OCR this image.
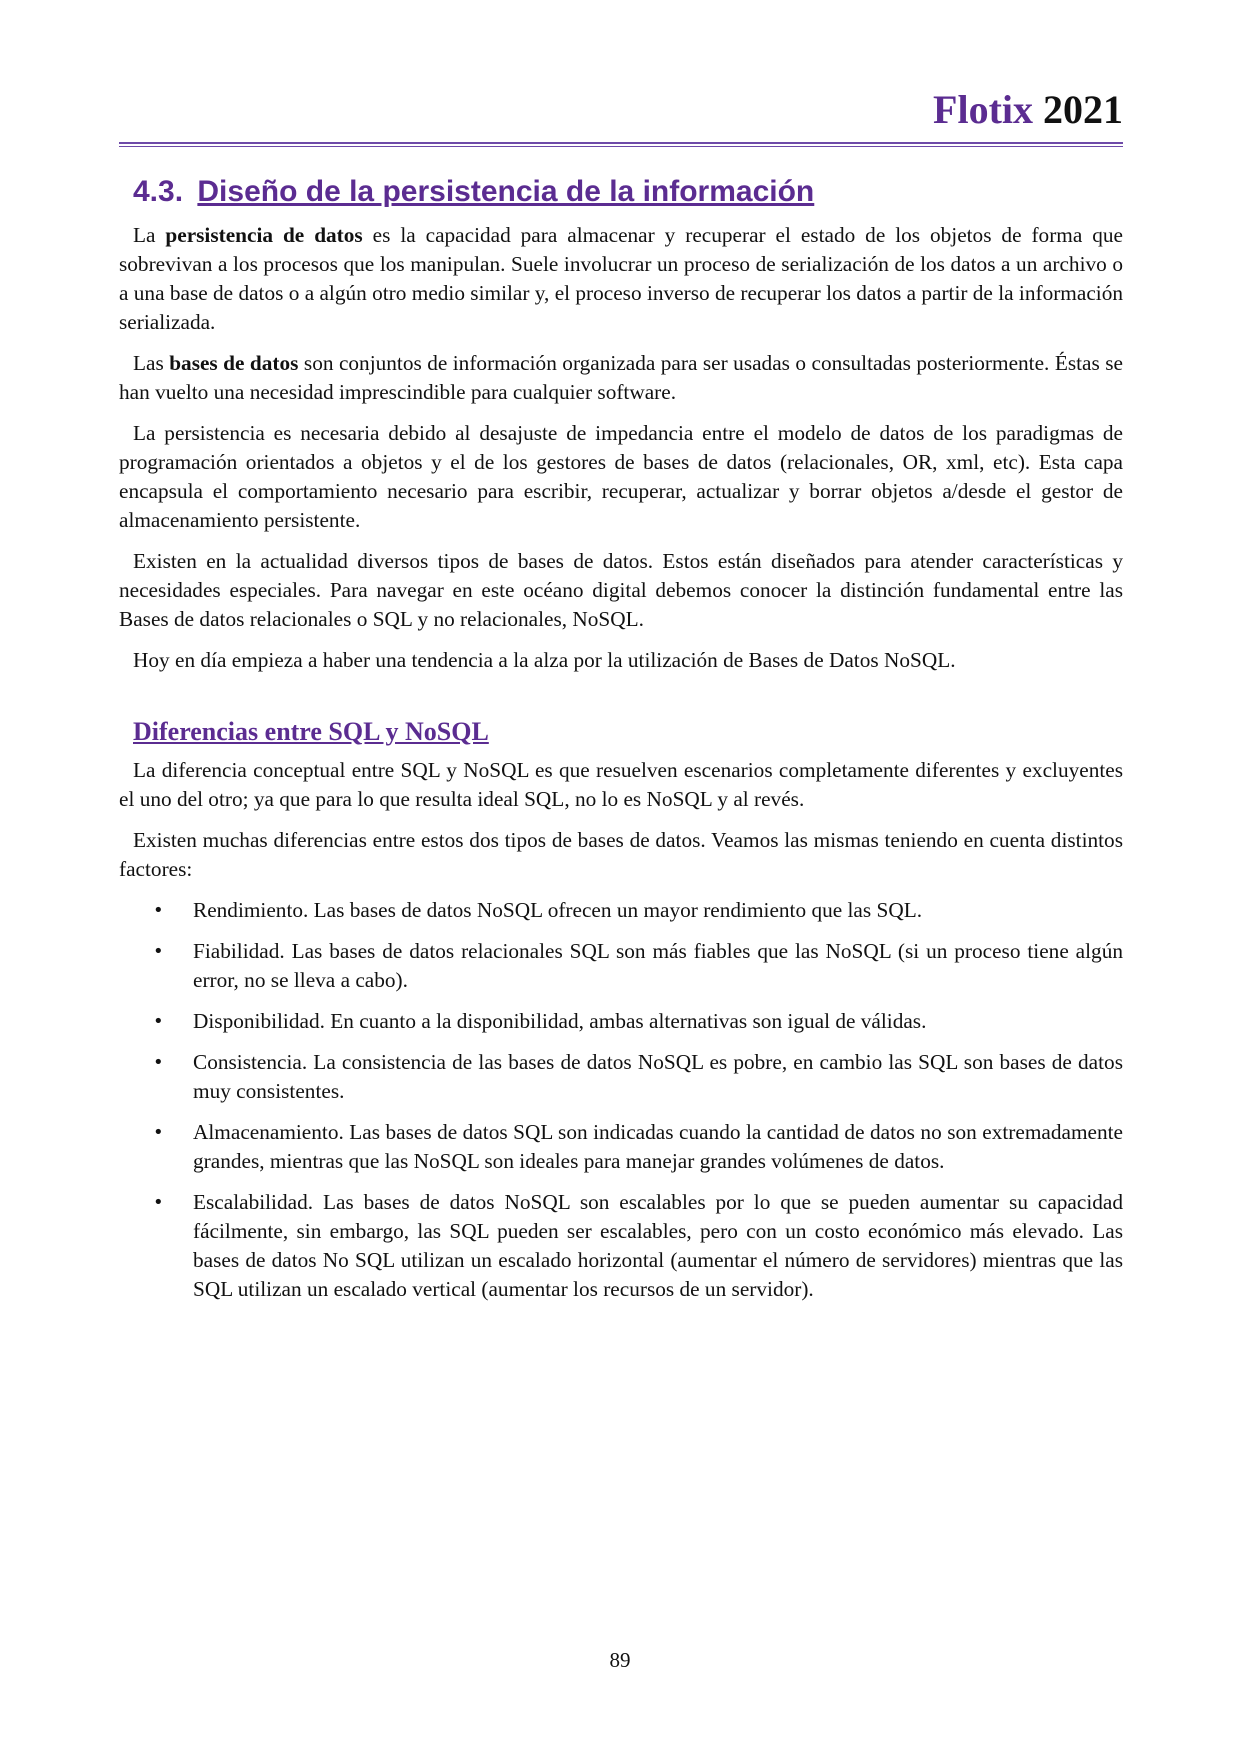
Flotix 2021
4.3. Diseño de la persistencia de la información

La persistencia de datos es la capacidad para almacenar y recuperar el estado de los objetos de forma que sobrevivan a los procesos que los manipulan. Suele involucrar un proceso de serialización de los datos a un archivo o a una base de datos o a algún otro medio similar y, el proceso inverso de recuperar los datos a partir de la información serializada.

Las bases de datos son conjuntos de información organizada para ser usadas o consultadas posteriormente. Éstas se han vuelto una necesidad imprescindible para cualquier software.

La persistencia es necesaria debido al desajuste de impedancia entre el modelo de datos de los paradigmas de programación orientados a objetos y el de los gestores de bases de datos (relacionales, OR, xml, etc). Esta capa encapsula el comportamiento necesario para escribir, recuperar, actualizar y borrar objetos a/desde el gestor de almacenamiento persistente.

Existen en la actualidad diversos tipos de bases de datos. Estos están diseñados para atender características y necesidades especiales. Para navegar en este océano digital debemos conocer la distinción fundamental entre las Bases de datos relacionales o SQL y no relacionales, NoSQL.

Hoy en día empieza a haber una tendencia a la alza por la utilización de Bases de Datos NoSQL.

Diferencias entre SQL y NoSQL

La diferencia conceptual entre SQL y NoSQL es que resuelven escenarios completamente diferentes y excluyentes el uno del otro; ya que para lo que resulta ideal SQL, no lo es NoSQL y al revés.

Existen muchas diferencias entre estos dos tipos de bases de datos. Veamos las mismas teniendo en cuenta distintos factores:

• Rendimiento. Las bases de datos NoSQL ofrecen un mayor rendimiento que las SQL.
• Fiabilidad. Las bases de datos relacionales SQL son más fiables que las NoSQL (si un proceso tiene algún error, no se lleva a cabo).
• Disponibilidad. En cuanto a la disponibilidad, ambas alternativas son igual de válidas.
• Consistencia. La consistencia de las bases de datos NoSQL es pobre, en cambio las SQL son bases de datos muy consistentes.
• Almacenamiento. Las bases de datos SQL son indicadas cuando la cantidad de datos no son extremadamente grandes, mientras que las NoSQL son ideales para manejar grandes volúmenes de datos.
• Escalabilidad. Las bases de datos NoSQL son escalables por lo que se pueden aumentar su capacidad fácilmente, sin embargo, las SQL pueden ser escalables, pero con un costo económico más elevado. Las bases de datos No SQL utilizan un escalado horizontal (aumentar el número de servidores) mientras que las SQL utilizan un escalado vertical (aumentar los recursos de un servidor).
89
